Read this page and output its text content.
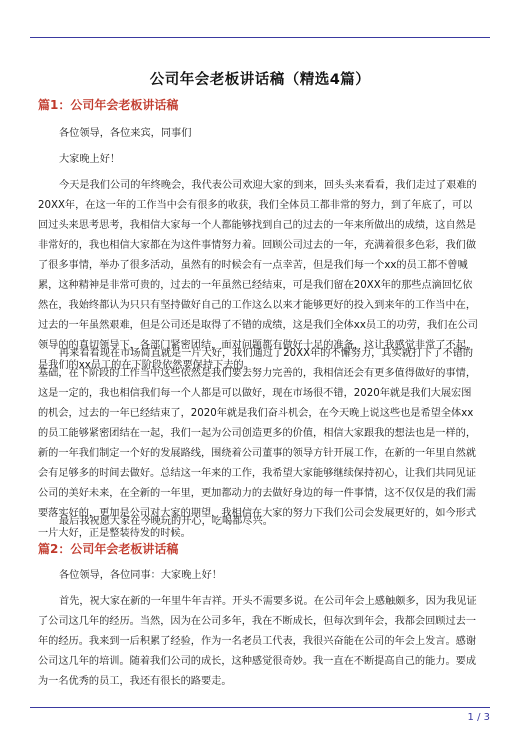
公司年会老板讲话稿（精选4篇）
篇1：公司年会老板讲话稿

各位领导，各位来宾，同事们

大家晚上好！

今天是我们公司的年终晚会，我代表公司欢迎大家的到来，回头头来看看，我们走过了艰难的20XX年，在这一年的工作当中会有很多的收获，我们全体员工都非常的努力，到了年底了，可以回过头来思考思考，我相信大家每一个人都能够找到自己的过去的一年来所做出的成绩，这自然是非常好的，我也相信大家都在为这件事情努力着。回顾公司过去的一年，充满着很多色彩，我们做了很多事情，举办了很多活动，虽然有的时候会有一点幸苦，但是我们每一个xx的员工都不曾喊累，这种精神是非常可贵的，过去的一年虽然已经结束，可是我们留在20XX年的那些点滴回忆依然在，我始终都认为只只有坚持做好自己的工作这么以来才能够更好的投入到来年的工作当中在，过去的一年虽然艰难，但是公司还是取得了不错的成绩，这是我们全体xx员工的功劳，我们在公司领导的的真切领导下，各部门紧密团结，面对问题都有做好十足的准备，这让我感觉非常了不起，是我们的xx员工的在下阶段依然要保持下去的。

再来看看现在市场简直就是一片大好，我们通过了20XX年的不懈努力，其实就打下了不错的基础，在下阶段的工作当中这些依然是我们要去努力完善的，我相信还会有更多值得做好的事情，这是一定的，我也相信我们每一个人都是可以做好，现在市场很不错，2020年就是我们大展宏图的机会，过去的一年已经结束了，2020年就是我们奋斗机会，在今天晚上说这些也是希望全体xx的员工能够紧密团结在一起，我们一起为公司创造更多的价值，相信大家跟我的想法也是一样的，新的一年我们制定一个好的发展路线，围绕着公司董事的领导方针开展工作，在新的一年里自然就会有足够多的时间去做好。总结这一年来的工作，我希望大家能够继续保持初心，让我们共同见证公司的美好未来，在全新的一年里，更加都动力的去做好身边的每一件事情，这不仅仅是的我们需要落实好的，更加是公司对大家的期望，我相信在大家的努力下我们公司会发展更好的，如今形式一片大好，正是整装待发的时候。

最后我祝愿大家在今晚玩的开心，吃喝都尽兴。

篇2：公司年会老板讲话稿

各位领导，各位同事：大家晚上好！

首先，祝大家在新的一年里牛年吉祥。开头不需要多说。在公司年会上感触颇多，因为我见证了公司这几年的经历。当然，因为在公司多年，我在不断成长，但每次到年会，我都会回顾过去一年的经历。我来到一后积累了经验，作为一名老员工代表，我很兴奋能在公司的年会上发言。感谢公司这几年的培训。随着我们公司的成长，这种感觉很奇妙。我一直在不断提高自己的能力。要成为一名优秀的员工，我还有很长的路要走。

1 / 3
